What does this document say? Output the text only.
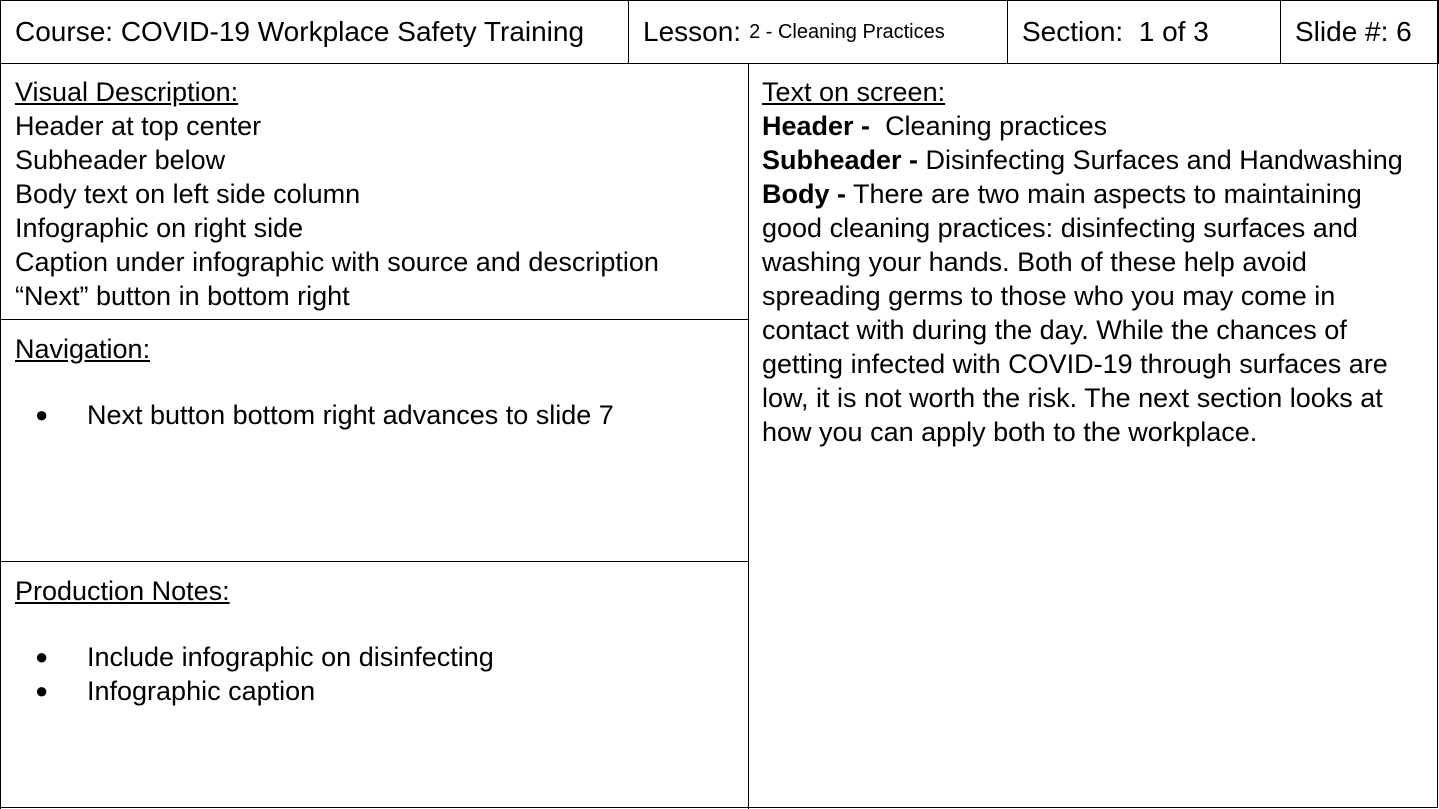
Course: COVID-19 Workplace Safety Training Lesson: 2 - Cleaning Practices	Section:  1 of 3	Slide #: 6
Visual Description:
Header at top center
Subheader below
Body text on left side column
Infographic on right side
Caption under infographic with source and description
“Next” button in bottom right
Navigation:
● Next button bottom right advances to slide 7
Production Notes:
● Include infographic on disinfecting
● Infographic caption
Text on screen:
Header - Cleaning practices
Subheader - Disinfecting Surfaces and Handwashing
Body - There are two main aspects to maintaining good cleaning practices: disinfecting surfaces and washing your hands. Both of these help avoid spreading germs to those who you may come in contact with during the day. While the chances of getting infected with COVID-19 through surfaces are low, it is not worth the risk. The next section looks at how you can apply both to the workplace.
